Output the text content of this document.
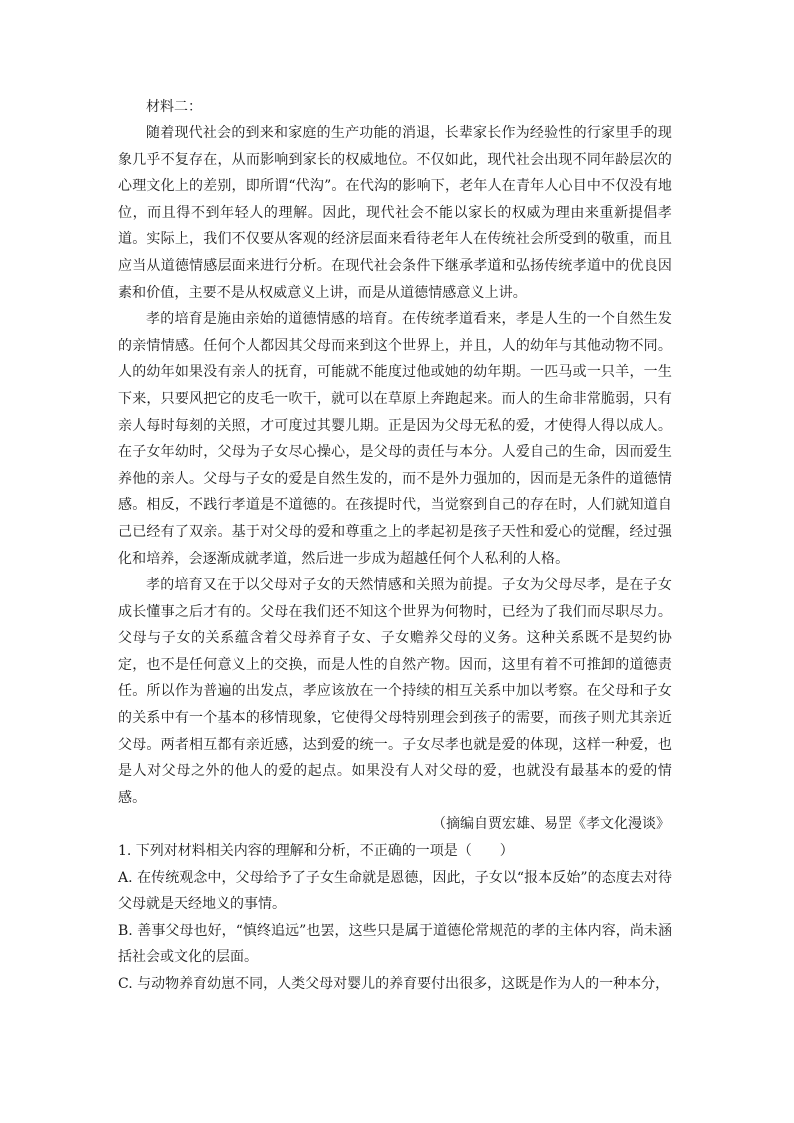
材料二：

随着现代社会的到来和家庭的生产功能的消退，长辈家长作为经验性的行家里手的现象几乎不复存在，从而影响到家长的权威地位。不仅如此，现代社会出现不同年龄层次的心理文化上的差别，即所谓“代沟”。在代沟的影响下，老年人在青年人心目中不仅没有地位，而且得不到年轻人的理解。因此，现代社会不能以家长的权威为理由来重新提倡孝道。实际上，我们不仅要从客观的经济层面来看待老年人在传统社会所受到的敬重，而且应当从道德情感层面来进行分析。在现代社会条件下继承孝道和弘扬传统孝道中的优良因素和价值，主要不是从权威意义上讲，而是从道德情感意义上讲。

孝的培育是施由亲始的道德情感的培育。在传统孝道看来，孝是人生的一个自然生发的亲情情感。任何个人都因其父母而来到这个世界上，并且，人的幼年与其他动物不同。人的幼年如果没有亲人的抚育，可能就不能度过他或她的幼年期。一匹马或一只羊，一生下来，只要风把它的皮毛一吹干，就可以在草原上奔跑起来。而人的生命非常脆弱，只有亲人每时每刻的关照，才可度过其婴儿期。正是因为父母无私的爱，才使得人得以成人。在子女年幼时，父母为子女尽心操心，是父母的责任与本分。人爱自己的生命，因而爱生养他的亲人。父母与子女的爱是自然生发的，而不是外力强加的，因而是无条件的道德情感。相反，不践行孝道是不道德的。在孩提时代，当觉察到自己的存在时，人们就知道自己已经有了双亲。基于对父母的爱和尊重之上的孝起初是孩子天性和爱心的觉醒，经过强化和培养，会逐渐成就孝道，然后进一步成为超越任何个人私利的人格。

孝的培育又在于以父母对子女的天然情感和关照为前提。子女为父母尽孝，是在子女成长懂事之后才有的。父母在我们还不知这个世界为何物时，已经为了我们而尽职尽力。父母与子女的关系蕴含着父母养育子女、子女赡养父母的义务。这种关系既不是契约协定，也不是任何意义上的交换，而是人性的自然产物。因而，这里有着不可推卸的道德责任。所以作为普遍的出发点，孝应该放在一个持续的相互关系中加以考察。在父母和子女的关系中有一个基本的移情现象，它使得父母特别理会到孩子的需要，而孩子则尤其亲近父母。两者相互都有亲近感，达到爱的统一。子女尽孝也就是爱的体现，这样一种爱，也是人对父母之外的他人的爱的起点。如果没有人对父母的爱，也就没有最基本的爱的情感。

（摘编自贾宏雄、易罡《孝文化漫谈》

1. 下列对材料相关内容的理解和分析，不正确的一项是（　　）

A. 在传统观念中，父母给予了子女生命就是恩德，因此，子女以“报本反始”的态度去对待父母就是天经地义的事情。

B. 善事父母也好，“慎终追远”也罢，这些只是属于道德伦常规范的孝的主体内容，尚未涵括社会或文化的层面。

C. 与动物养育幼崽不同，人类父母对婴儿的养育要付出很多，这既是作为人的一种本分，
